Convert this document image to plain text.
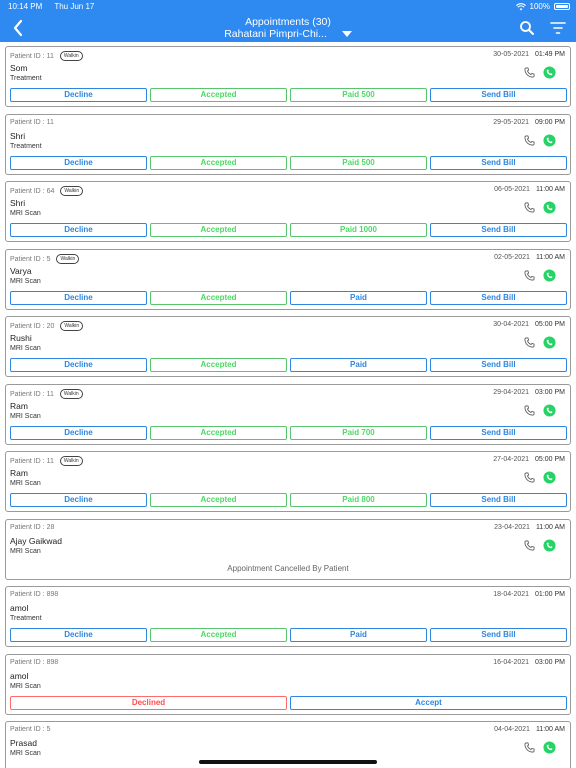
10:14 PM Thu Jun 17	100%
Appointments (30)
Rahatani Pimpri-Chi...
Patient ID : 11 Walkin	30-05-2021 01:49 PM
Som
Treatment
Decline	Accepted	Paid 500	Send Bill
Patient ID : 11	29-05-2021 09:00 PM
Shri
Treatment
Decline	Accepted	Paid 500	Send Bill
Patient ID : 64 Walkin	06-05-2021 11:00 AM
Shri
MRI Scan
Decline	Accepted	Paid 1000	Send Bill
Patient ID : 5 Walkin	02-05-2021 11:00 AM
Varya
MRI Scan
Decline	Accepted	Paid	Send Bill
Patient ID : 20 Walkin	30-04-2021 05:00 PM
Rushi
MRI Scan
Decline	Accepted	Paid	Send Bill
Patient ID : 11 Walkin	29-04-2021 03:00 PM
Ram
MRI Scan
Decline	Accepted	Paid 700	Send Bill
Patient ID : 11 Walkin	27-04-2021 05:00 PM
Ram
MRI Scan
Decline	Accepted	Paid 800	Send Bill
Patient ID : 28	23-04-2021 11:00 AM
Ajay Gaikwad
MRI Scan
Appointment Cancelled By Patient
Patient ID : 898	18-04-2021 01:00 PM
amol
Treatment
Decline	Accepted	Paid	Send Bill
Patient ID : 898	16-04-2021 03:00 PM
amol
MRI Scan
Declined	Accept
Patient ID : 5	04-04-2021 11:00 AM
Prasad
MRI Scan
